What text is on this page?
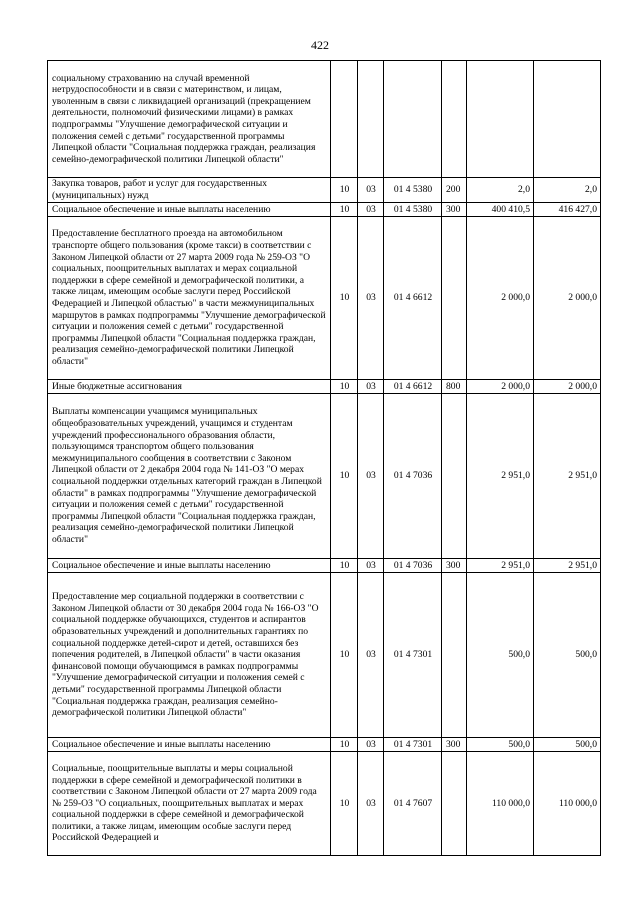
422
социальному страхованию на случай временной нетрудоспособности и в связи с материнством, и лицам, уволенным в связи с ликвидацией организаций (прекращением деятельности, полномочий физическими лицами) в рамках подпрограммы "Улучшение демографической ситуации и положения семей с детьми" государственной программы Липецкой области "Социальная поддержка граждан, реализация семейно-демографической политики Липецкой области"						
Закупка товаров, работ и услуг для государственных (муниципальных) нужд	10	03	01 4 5380	200	2,0	2,0
Социальное обеспечение и иные выплаты населению	10	03	01 4 5380	300	400 410,5	416 427,0
Предоставление бесплатного проезда на автомобильном транспорте общего пользования (кроме такси) в соответствии с Законом Липецкой области от 27 марта 2009 года № 259-ОЗ "О социальных, поощрительных выплатах и мерах социальной поддержки в сфере семейной и демографической политики, а также лицам, имеющим особые заслуги перед Российской Федерацией и Липецкой областью" в части межмуниципальных маршрутов в рамках подпрограммы "Улучшение демографической ситуации и положения семей с детьми" государственной программы Липецкой области "Социальная поддержка граждан, реализация семейно-демографической политики Липецкой области"	10	03	01 4 6612		2 000,0	2 000,0
Иные бюджетные ассигнования	10	03	01 4 6612	800	2 000,0	2 000,0
Выплаты компенсации учащимся муниципальных общеобразовательных учреждений, учащимся и студентам учреждений профессионального образования области, пользующимся транспортом общего пользования межмуниципального сообщения в соответствии с Законом Липецкой области от 2 декабря 2004 года № 141-ОЗ "О мерах социальной поддержки отдельных категорий граждан в Липецкой области" в рамках подпрограммы "Улучшение демографической ситуации и положения семей с детьми" государственной программы Липецкой области "Социальная поддержка граждан, реализация семейно-демографической политики Липецкой области"	10	03	01 4 7036		2 951,0	2 951,0
Социальное обеспечение и иные выплаты населению	10	03	01 4 7036	300	2 951,0	2 951,0
Предоставление мер социальной поддержки в соответствии с Законом Липецкой области от 30 декабря 2004 года № 166-ОЗ "О социальной поддержке обучающихся, студентов и аспирантов образовательных учреждений и дополнительных гарантиях по социальной поддержке детей-сирот и детей, оставшихся без попечения родителей, в Липецкой области" в части оказания финансовой помощи обучающимся в рамках подпрограммы "Улучшение демографической ситуации и положения семей с детьми" государственной программы Липецкой области "Социальная поддержка граждан, реализация семейно-демографической политики Липецкой области"	10	03	01 4 7301		500,0	500,0
Социальное обеспечение и иные выплаты населению	10	03	01 4 7301	300	500,0	500,0
Социальные, поощрительные выплаты и меры социальной поддержки в сфере семейной и демографической политики в соответствии с Законом Липецкой области от 27 марта 2009 года № 259-ОЗ "О социальных, поощрительных выплатах и мерах социальной поддержки в сфере семейной и демографической политики, а также лицам, имеющим особые заслуги перед Российской Федерацией и	10	03	01 4 7607		110 000,0	110 000,0
